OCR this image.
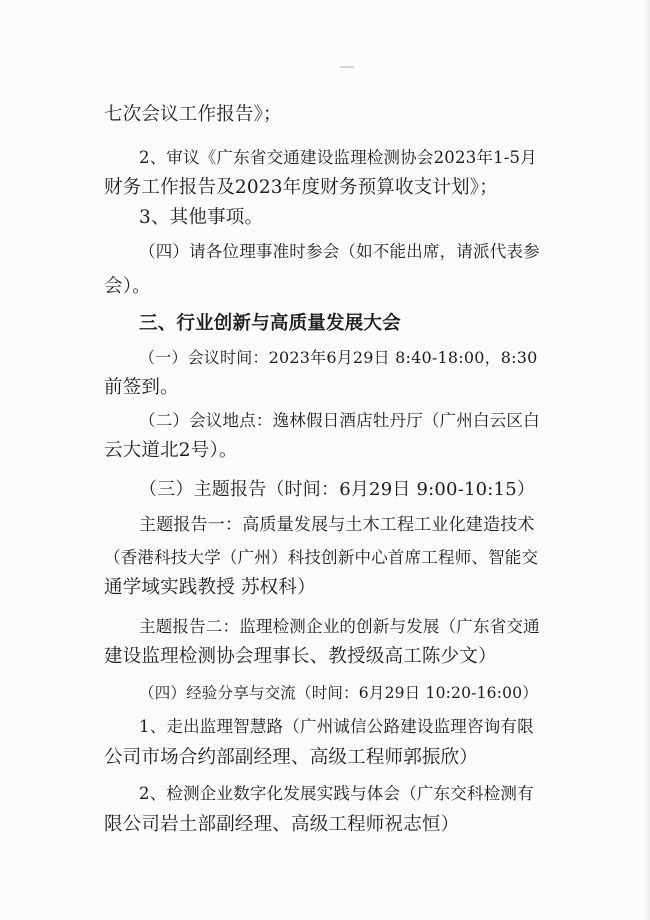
七次会议工作报告》；
2、审议《广东省交通建设监理检测协会2023年1-5月
财务工作报告及2023年度财务预算收支计划》；
3、其他事项。
（四）请各位理事准时参会（如不能出席，请派代表参
会）。
三、行业创新与高质量发展大会
（一）会议时间：2023年6月29日 8:40-18:00，8:30
前签到。
（二）会议地点：逸林假日酒店牡丹厅（广州白云区白
云大道北2号）。
（三）主题报告（时间：6月29日 9:00-10:15）
主题报告一：高质量发展与土木工程工业化建造技术
（香港科技大学（广州）科技创新中心首席工程师、智能交
通学域实践教授 苏权科）
主题报告二：监理检测企业的创新与发展（广东省交通
建设监理检测协会理事长、教授级高工陈少文）
（四）经验分享与交流（时间：6月29日 10:20-16:00）
1、走出监理智慧路（广州诚信公路建设监理咨询有限
公司市场合约部副经理、高级工程师郭振欣）
2、检测企业数字化发展实践与体会（广东交科检测有
限公司岩土部副经理、高级工程师祝志恒）
